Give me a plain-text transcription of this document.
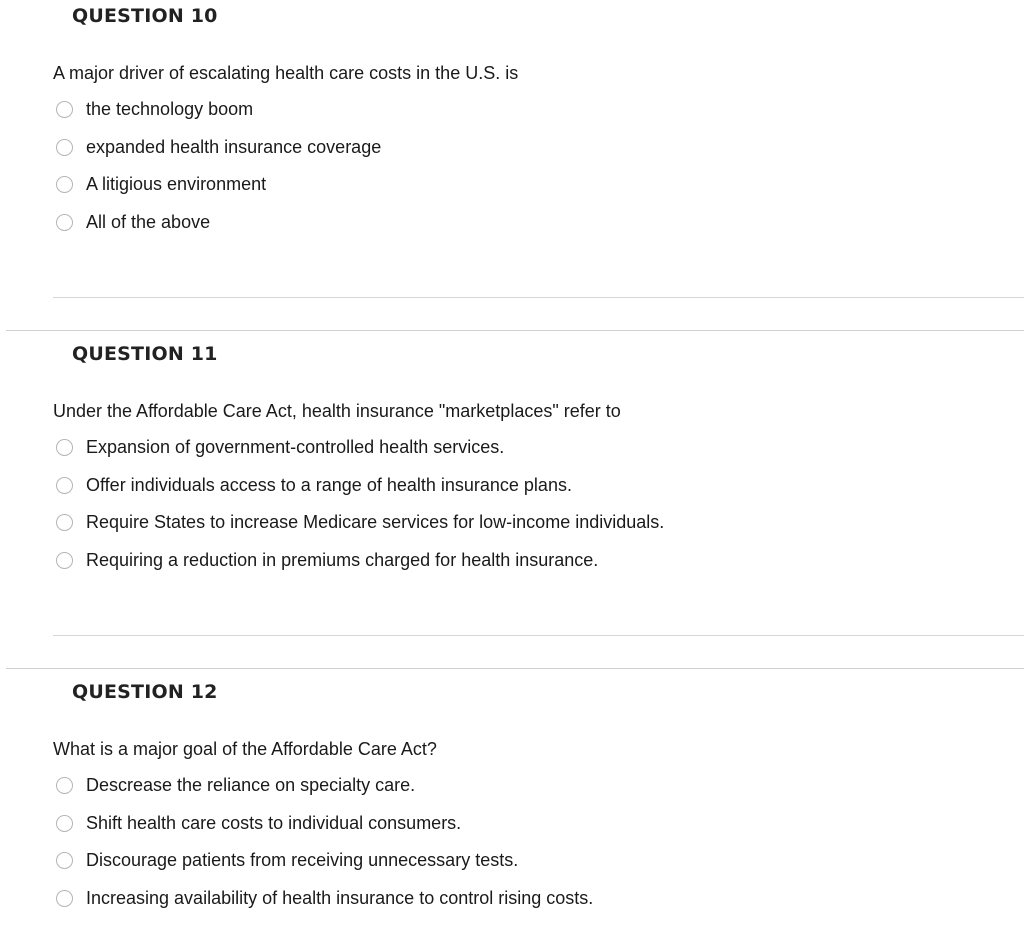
QUESTION 10

A major driver of escalating health care costs in the U.S. is

the technology boom
expanded health insurance coverage
A litigious environment
All of the above
QUESTION 11

Under the Affordable Care Act, health insurance "marketplaces" refer to

Expansion of government-controlled health services.
Offer individuals access to a range of health insurance plans.
Require States to increase Medicare services for low-income individuals.
Requiring a reduction in premiums charged for health insurance.
QUESTION 12

What is a major goal of the Affordable Care Act?

Descrease the reliance on specialty care.
Shift health care costs to individual consumers.
Discourage patients from receiving unnecessary tests.
Increasing availability of health insurance to control rising costs.
